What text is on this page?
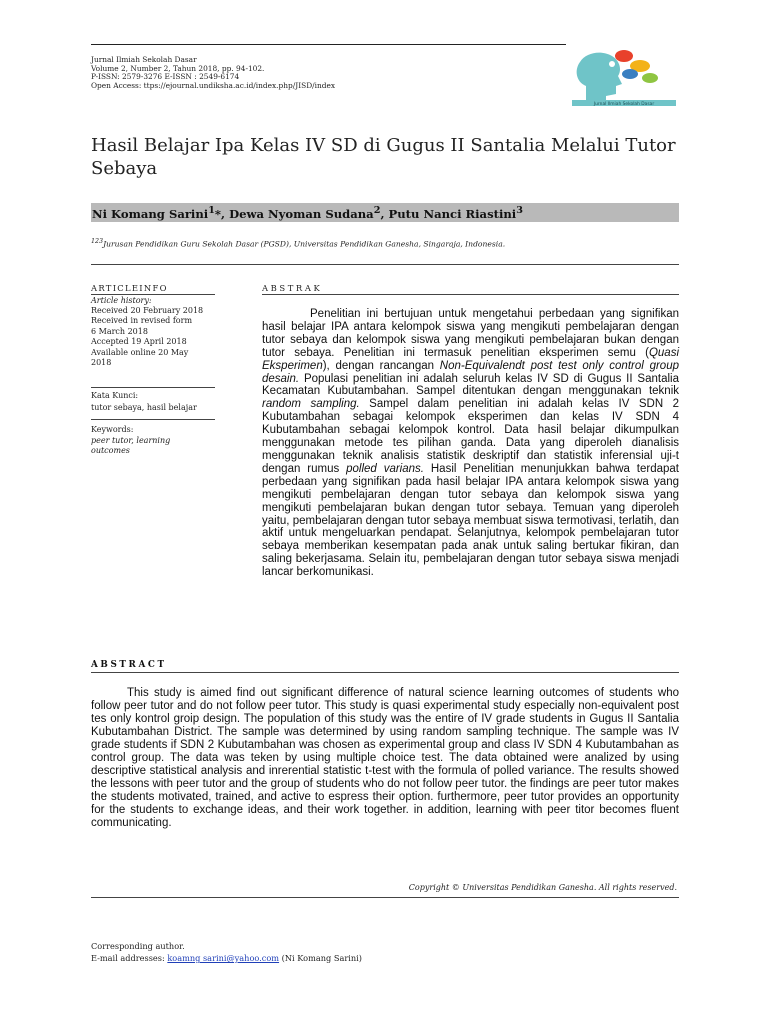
Jurnal Ilmiah Sekolah Dasar
Volume 2, Number 2, Tahun 2018, pp. 94-102.
P-ISSN: 2579-3276 E-ISSN : 2549-6174
Open Access: ttps://ejournal.undiksha.ac.id/index.php/JISD/index
Jurnal Ilmiah Sekolah Dasar
Hasil Belajar Ipa Kelas IV SD di Gugus II Santalia Melalui Tutor Sebaya
Ni Komang Sarini$^1$*, Dewa Nyoman Sudana$^2$, Putu Nanci Riastini$^3$
$^{123}$Jurusan Pendidikan Guru Sekolah Dasar (PGSD), Universitas Pendidikan Ganesha, Singaraja, Indonesia.
ARTICLEINFO
Article history:
Received 20 February 2018
Received in revised form
6 March 2018
Accepted 19 April 2018
Available online 20 May
2018
Kata Kunci:
tutor sebaya, hasil belajar
Keywords:
peer tutor, learning outcomes
ABSTRAK

Penelitian ini bertujuan untuk mengetahui perbedaan yang signifikan hasil belajar IPA antara kelompok siswa yang mengikuti pembelajaran dengan tutor sebaya dan kelompok siswa yang mengikuti pembelajaran bukan dengan tutor sebaya. Penelitian ini termasuk penelitian eksperimen semu (Quasi Eksperimen), dengan rancangan Non-Equivalendt post test only control group desain. Populasi penelitian ini adalah seluruh kelas IV SD di Gugus II Santalia Kecamatan Kubutambahan. Sampel ditentukan dengan menggunakan teknik random sampling. Sampel dalam penelitian ini adalah kelas IV SDN 2 Kubutambahan sebagai kelompok eksperimen dan kelas IV SDN 4 Kubutambahan sebagai kelompok kontrol. Data hasil belajar dikumpulkan menggunakan metode tes pilihan ganda. Data yang diperoleh dianalisis menggunakan teknik analisis statistik deskriptif dan statistik inferensial uji-t dengan rumus polled varians. Hasil Penelitian menunjukkan bahwa terdapat perbedaan yang signifikan pada hasil belajar IPA antara kelompok siswa yang mengikuti pembelajaran dengan tutor sebaya dan kelompok siswa yang mengikuti pembelajaran bukan dengan tutor sebaya. Temuan yang diperoleh yaitu, pembelajaran dengan tutor sebaya membuat siswa termotivasi, terlatih, dan aktif untuk mengeluarkan pendapat. Selanjutnya, kelompok pembelajaran tutor sebaya memberikan kesempatan pada anak untuk saling bertukar fikiran, dan saling bekerjasama. Selain itu, pembelajaran dengan tutor sebaya siswa menjadi lancar berkomunikasi.

ABSTRACT

This study is aimed find out significant difference of natural science learning outcomes of students who follow peer tutor and do not follow peer tutor. This study is quasi experimental study especially non-equivalent post tes only kontrol groip design. The population of this study was the entire of IV grade students in Gugus II Santalia Kubutambahan District. The sample was determined by using random sampling technique. The sample was IV grade students if SDN 2 Kubutambahan was chosen as experimental group and class IV SDN 4 Kubutambahan as control group. The data was teken by using multiple choice test. The data obtained were analized by using descriptive statistical analysis and inrerential statistic t-test with the formula of polled variance. The results showed the lessons with peer tutor and the group of students who do not follow peer tutor. the findings are peer tutor makes the students motivated, trained, and active to espress their option. furthermore, peer tutor provides an opportunity for the students to exchange ideas, and their work together. in addition, learning with peer titor becomes fluent communicating.

Copyright © Universitas Pendidikan Ganesha. All rights reserved.
Corresponding author.
E-mail addresses: koamng sarini@yahoo.com (Ni Komang Sarini)
